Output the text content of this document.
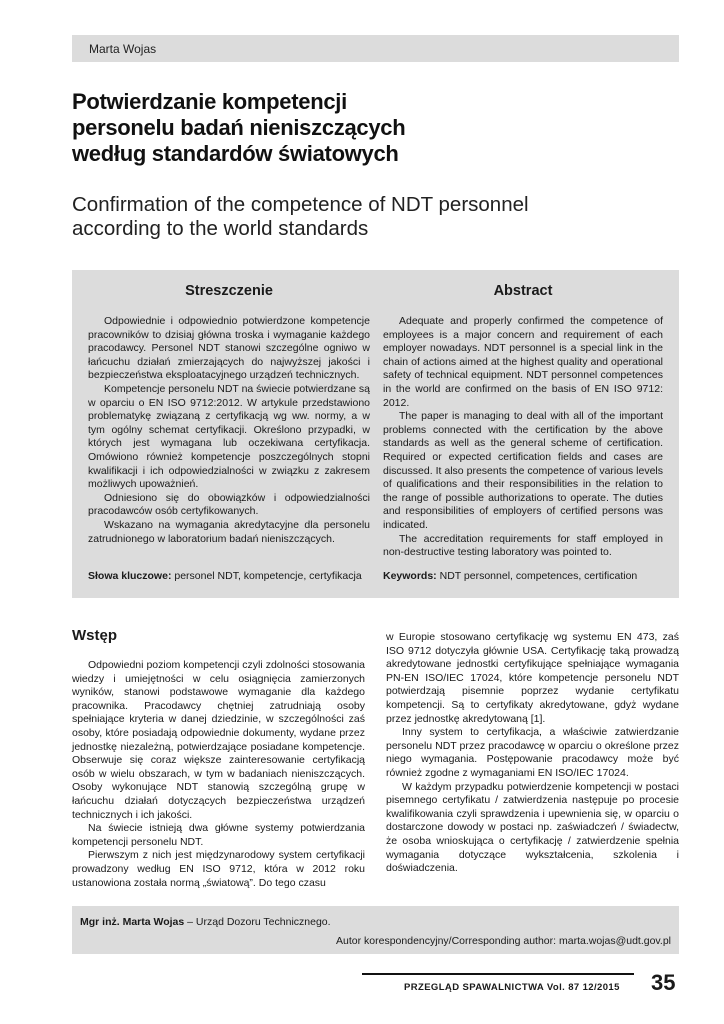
Marta Wojas
Potwierdzanie kompetencji
personelu badań nieniszczących
według standardów światowych
Confirmation of the competence of NDT personnel
according to the world standards
Streszczenie

Odpowiednie i odpowiednio potwierdzone kompetencje pracowników to dzisiaj główna troska i wymaganie każdego pracodawcy. Personel NDT stanowi szczególne ogniwo w łańcuchu działań zmierzających do najwyższej jakości i bezpieczeństwa eksploatacyjnego urządzeń technicznych.

Kompetencje personelu NDT na świecie potwierdzane są w oparciu o EN ISO 9712:2012. W artykule przedstawiono problematykę związaną z certyfikacją wg ww. normy, a w tym ogólny schemat certyfikacji. Określono przypadki, w których jest wymagana lub oczekiwana certyfikacja. Omówiono również kompetencje poszczególnych stopni kwalifikacji i ich odpowiedzialności w związku z zakresem możliwych upoważnień.

Odniesiono się do obowiązków i odpowiedzialności pracodawców osób certyfikowanych.

Wskazano na wymagania akredytacyjne dla personelu zatrudnionego w laboratorium badań nieniszczących.

Słowa kluczowe: personel NDT, kompetencje, certyfikacja
Abstract

Adequate and properly confirmed the competence of employees is a major concern and requirement of each employer nowadays. NDT personnel is a special link in the chain of actions aimed at the highest quality and operational safety of technical equipment. NDT personnel competences in the world are confirmed on the basis of EN ISO 9712: 2012.

The paper is managing to deal with all of the important problems connected with the certification by the above standards as well as the general scheme of certification. Required or expected certification fields and cases are discussed. It also presents the competence of various levels of qualifications and their responsibilities in the relation to the range of possible authorizations to operate. The duties and responsibilities of employers of certified persons was indicated.

The accreditation requirements for staff employed in non-destructive testing laboratory was pointed to.

Keywords: NDT personnel, competences, certification
Wstęp

Odpowiedni poziom kompetencji czyli zdolności stosowania wiedzy i umiejętności w celu osiągnięcia zamierzonych wyników, stanowi podstawowe wymaganie dla każdego pracownika. Pracodawcy chętniej zatrudniają osoby spełniające kryteria w danej dziedzinie, w szczególności zaś osoby, które posiadają odpowiednie dokumenty, wydane przez jednostkę niezależną, potwierdzające posiadane kompetencje. Obserwuje się coraz większe zainteresowanie certyfikacją osób w wielu obszarach, w tym w badaniach nieniszczących. Osoby wykonujące NDT stanowią szczególną grupę w łańcuchu działań dotyczących bezpieczeństwa urządzeń technicznych i ich jakości.

Na świecie istnieją dwa główne systemy potwierdzania kompetencji personelu NDT.

Pierwszym z nich jest międzynarodowy system certyfikacji prowadzony według EN ISO 9712, która w 2012 roku ustanowiona została normą „światową”. Do tego czasu

w Europie stosowano certyfikację wg systemu EN 473, zaś ISO 9712 dotyczyła głównie USA. Certyfikację taką prowadzą akredytowane jednostki certyfikujące spełniające wymagania PN-EN ISO/IEC 17024, które kompetencje personelu NDT potwierdzają pisemnie poprzez wydanie certyfikatu kompetencji. Są to certyfikaty akredytowane, gdyż wydane przez jednostkę akredytowaną [1].

Inny system to certyfikacja, a właściwie zatwierdzanie personelu NDT przez pracodawcę w oparciu o określone przez niego wymagania. Postępowanie pracodawcy może być również zgodne z wymaganiami EN ISO/IEC 17024.

W każdym przypadku potwierdzenie kompetencji w postaci pisemnego certyfikatu / zatwierdzenia następuje po procesie kwalifikowania czyli sprawdzenia i upewnienia się, w oparciu o dostarczone dowody w postaci np. zaświadczeń / świadectw, że osoba wnioskująca o certyfikację / zatwierdzenie spełnia wymagania dotyczące wykształcenia, szkolenia i doświadczenia.

Mgr inż. Marta Wojas – Urząd Dozoru Technicznego.
Autor korespondencyjny/Corresponding author: marta.wojas@udt.gov.pl
PRZEGLĄD SPAWALNICTWA Vol. 87 12/2015 35
